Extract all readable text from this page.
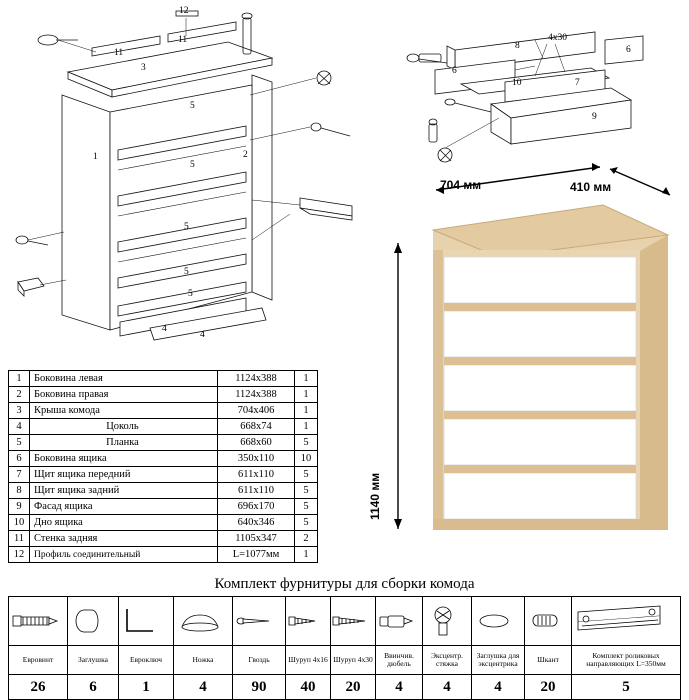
12
11
11
3
5
5
5
5
5
1	2
4
4
8
4x30
6
6
10	7
9
704 мм	410 мм
1140 мм
1	Боковина левая	1124x388	1
2	Боковина правая	1124x388	1
3	Крыша комода	704x406	1
4	Цоколь	668x74	1
5	Планка	668x60	5
6	Боковина ящика	350x110	10
7	Щит ящика передний	611x110	5
8	Щит ящика задний	611x110	5
9	Фасад ящика	696x170	5
10	Дно ящика	640x346	5
11	Стенка задняя	1105x347	2
12	Профиль соединительный	L=1077мм	1
Комплект фурнитуры для сборки комода

Евровинт	Заглушка	Евроключ	Ножка	Гвоздь	Шуруп 4х16	Шуруп 4х30	Ввинчив. дюбель	Эксцентр. стяжка	Заглушка для эксцентрика	Шкант	Комплект роликовых направляющих L=350мм
26	6	1	4	90	40	20	4	4	4	20	5
